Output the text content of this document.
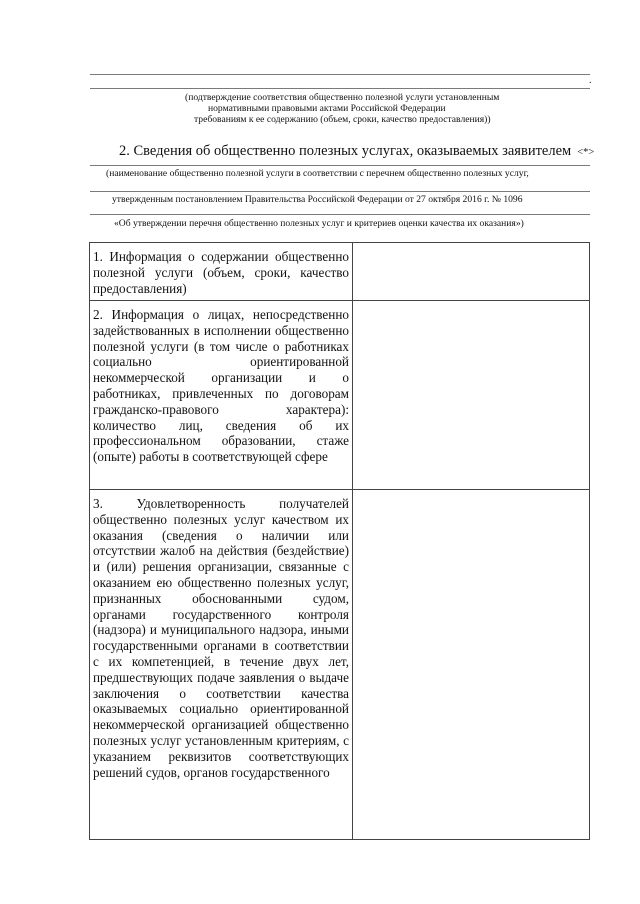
.
(подтверждение соответствия общественно полезной услуги установленным
нормативными правовыми актами Российской Федерации
требованиям к ее содержанию (объем, сроки, качество предоставления))
2. Сведения об общественно полезных услугах, оказываемых заявителем <*>
(наименование общественно полезной услуги в соответствии с перечнем общественно полезных услуг,
утвержденным постановлением Правительства Российской Федерации от 27 октября 2016 г. № 1096
«Об утверждении перечня общественно полезных услуг и критериев оценки качества их оказания»)
1. Информация о содержании общественно полезной услуги (объем, сроки, качество предоставления)
2. Информация о лицах, непосредственно задействованных в исполнении общественно полезной услуги (в том числе о работниках социально ориентированной некоммерческой организации и о работниках, привлеченных по договорам гражданско-правового характера): количество лиц, сведения об их профессиональном образовании, стаже (опыте) работы в соответствующей сфере
3. Удовлетворенность получателей общественно полезных услуг качеством их оказания (сведения о наличии или отсутствии жалоб на действия (бездействие) и (или) решения организации, связанные с оказанием ею общественно полезных услуг, признанных обоснованными судом, органами государственного контроля (надзора) и муниципального надзора, иными государственными органами в соответствии с их компетенцией, в течение двух лет, предшествующих подаче заявления о выдаче заключения о соответствии качества оказываемых социально ориентированной некоммерческой организацией общественно полезных услуг установленным критериям, с указанием реквизитов соответствующих решений судов, органов государственного
